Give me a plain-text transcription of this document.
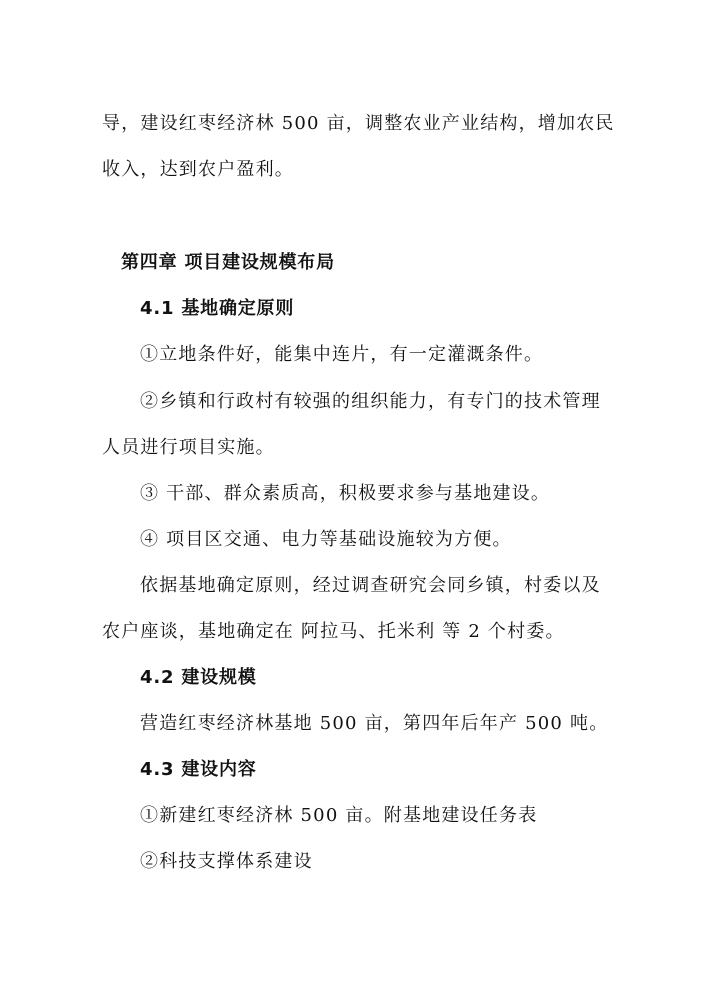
导，建设红枣经济林 500 亩，调整农业产业结构，增加农民
收入，达到农户盈利。
第四章 项目建设规模布局
4.1 基地确定原则
①立地条件好，能集中连片，有一定灌溉条件。
②乡镇和行政村有较强的组织能力，有专门的技术管理
人员进行项目实施。
③ 干部、群众素质高，积极要求参与基地建设。
④ 项目区交通、电力等基础设施较为方便。
依据基地确定原则，经过调查研究会同乡镇，村委以及
农户座谈，基地确定在 阿拉马、托米利 等 2 个村委。
4.2 建设规模
营造红枣经济林基地 500 亩，第四年后年产 500 吨。
4.3 建设内容
①新建红枣经济林 500 亩。附基地建设任务表
②科技支撑体系建设
